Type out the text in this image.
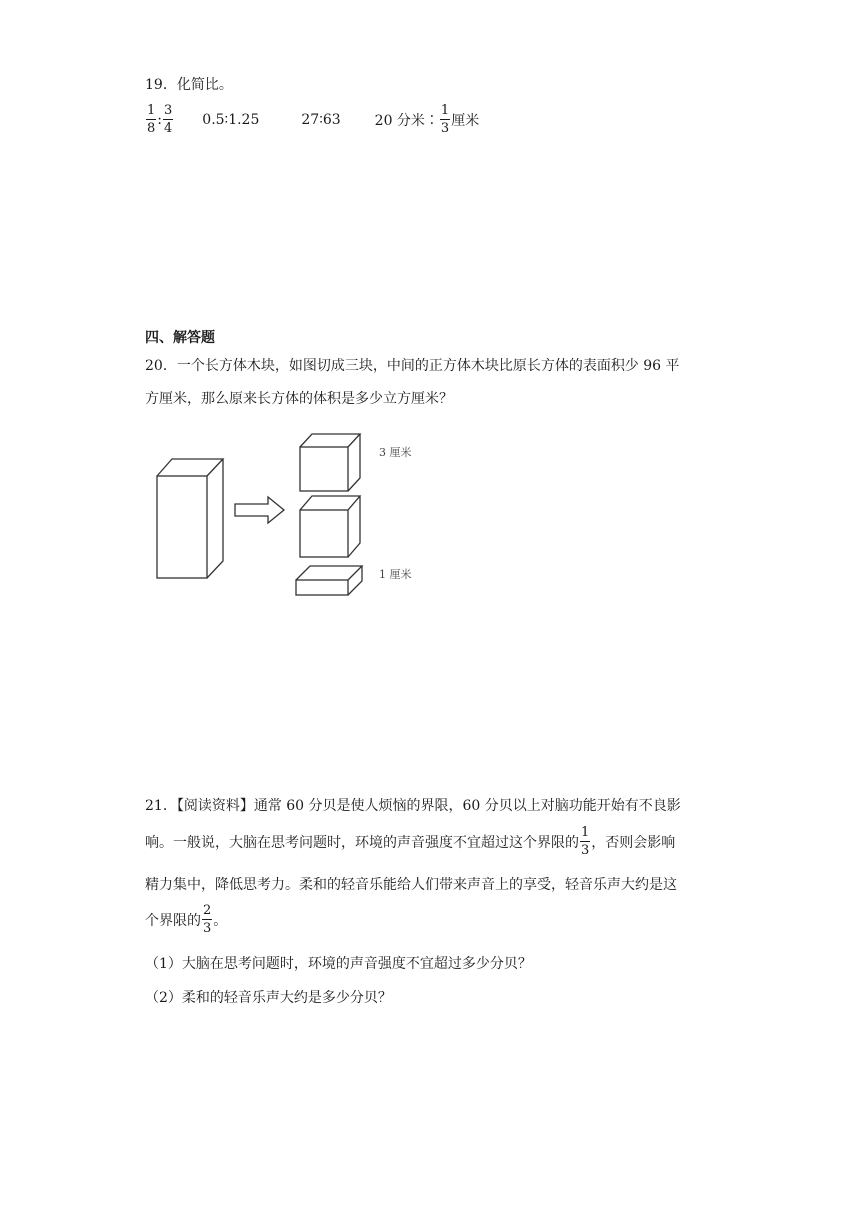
19．化简比。
$\frac{1}{8}$ : $\frac{3}{4}$ 0.5∶1.25	27∶63 20 分米∶ $\frac{1}{3}$ 厘米
四、解答题
20．一个长方体木块，如图切成三块，中间的正方体木块比原长方体的表面积少 96 平
方厘米，那么原来长方体的体积是多少立方厘米？
3 厘米
1 厘米
21．【阅读资料】通常 60 分贝是使人烦恼的界限，60 分贝以上对脑功能开始有不良影
响。一般说，大脑在思考问题时，环境的声音强度不宜超过这个界限的 $\frac{1}{3}$ ，否则会影响
精力集中，降低思考力。柔和的轻音乐能给人们带来声音上的享受，轻音乐声大约是这
个界限的 $\frac{2}{3}$ 。
（1）大脑在思考问题时，环境的声音强度不宜超过多少分贝？
（2）柔和的轻音乐声大约是多少分贝？
